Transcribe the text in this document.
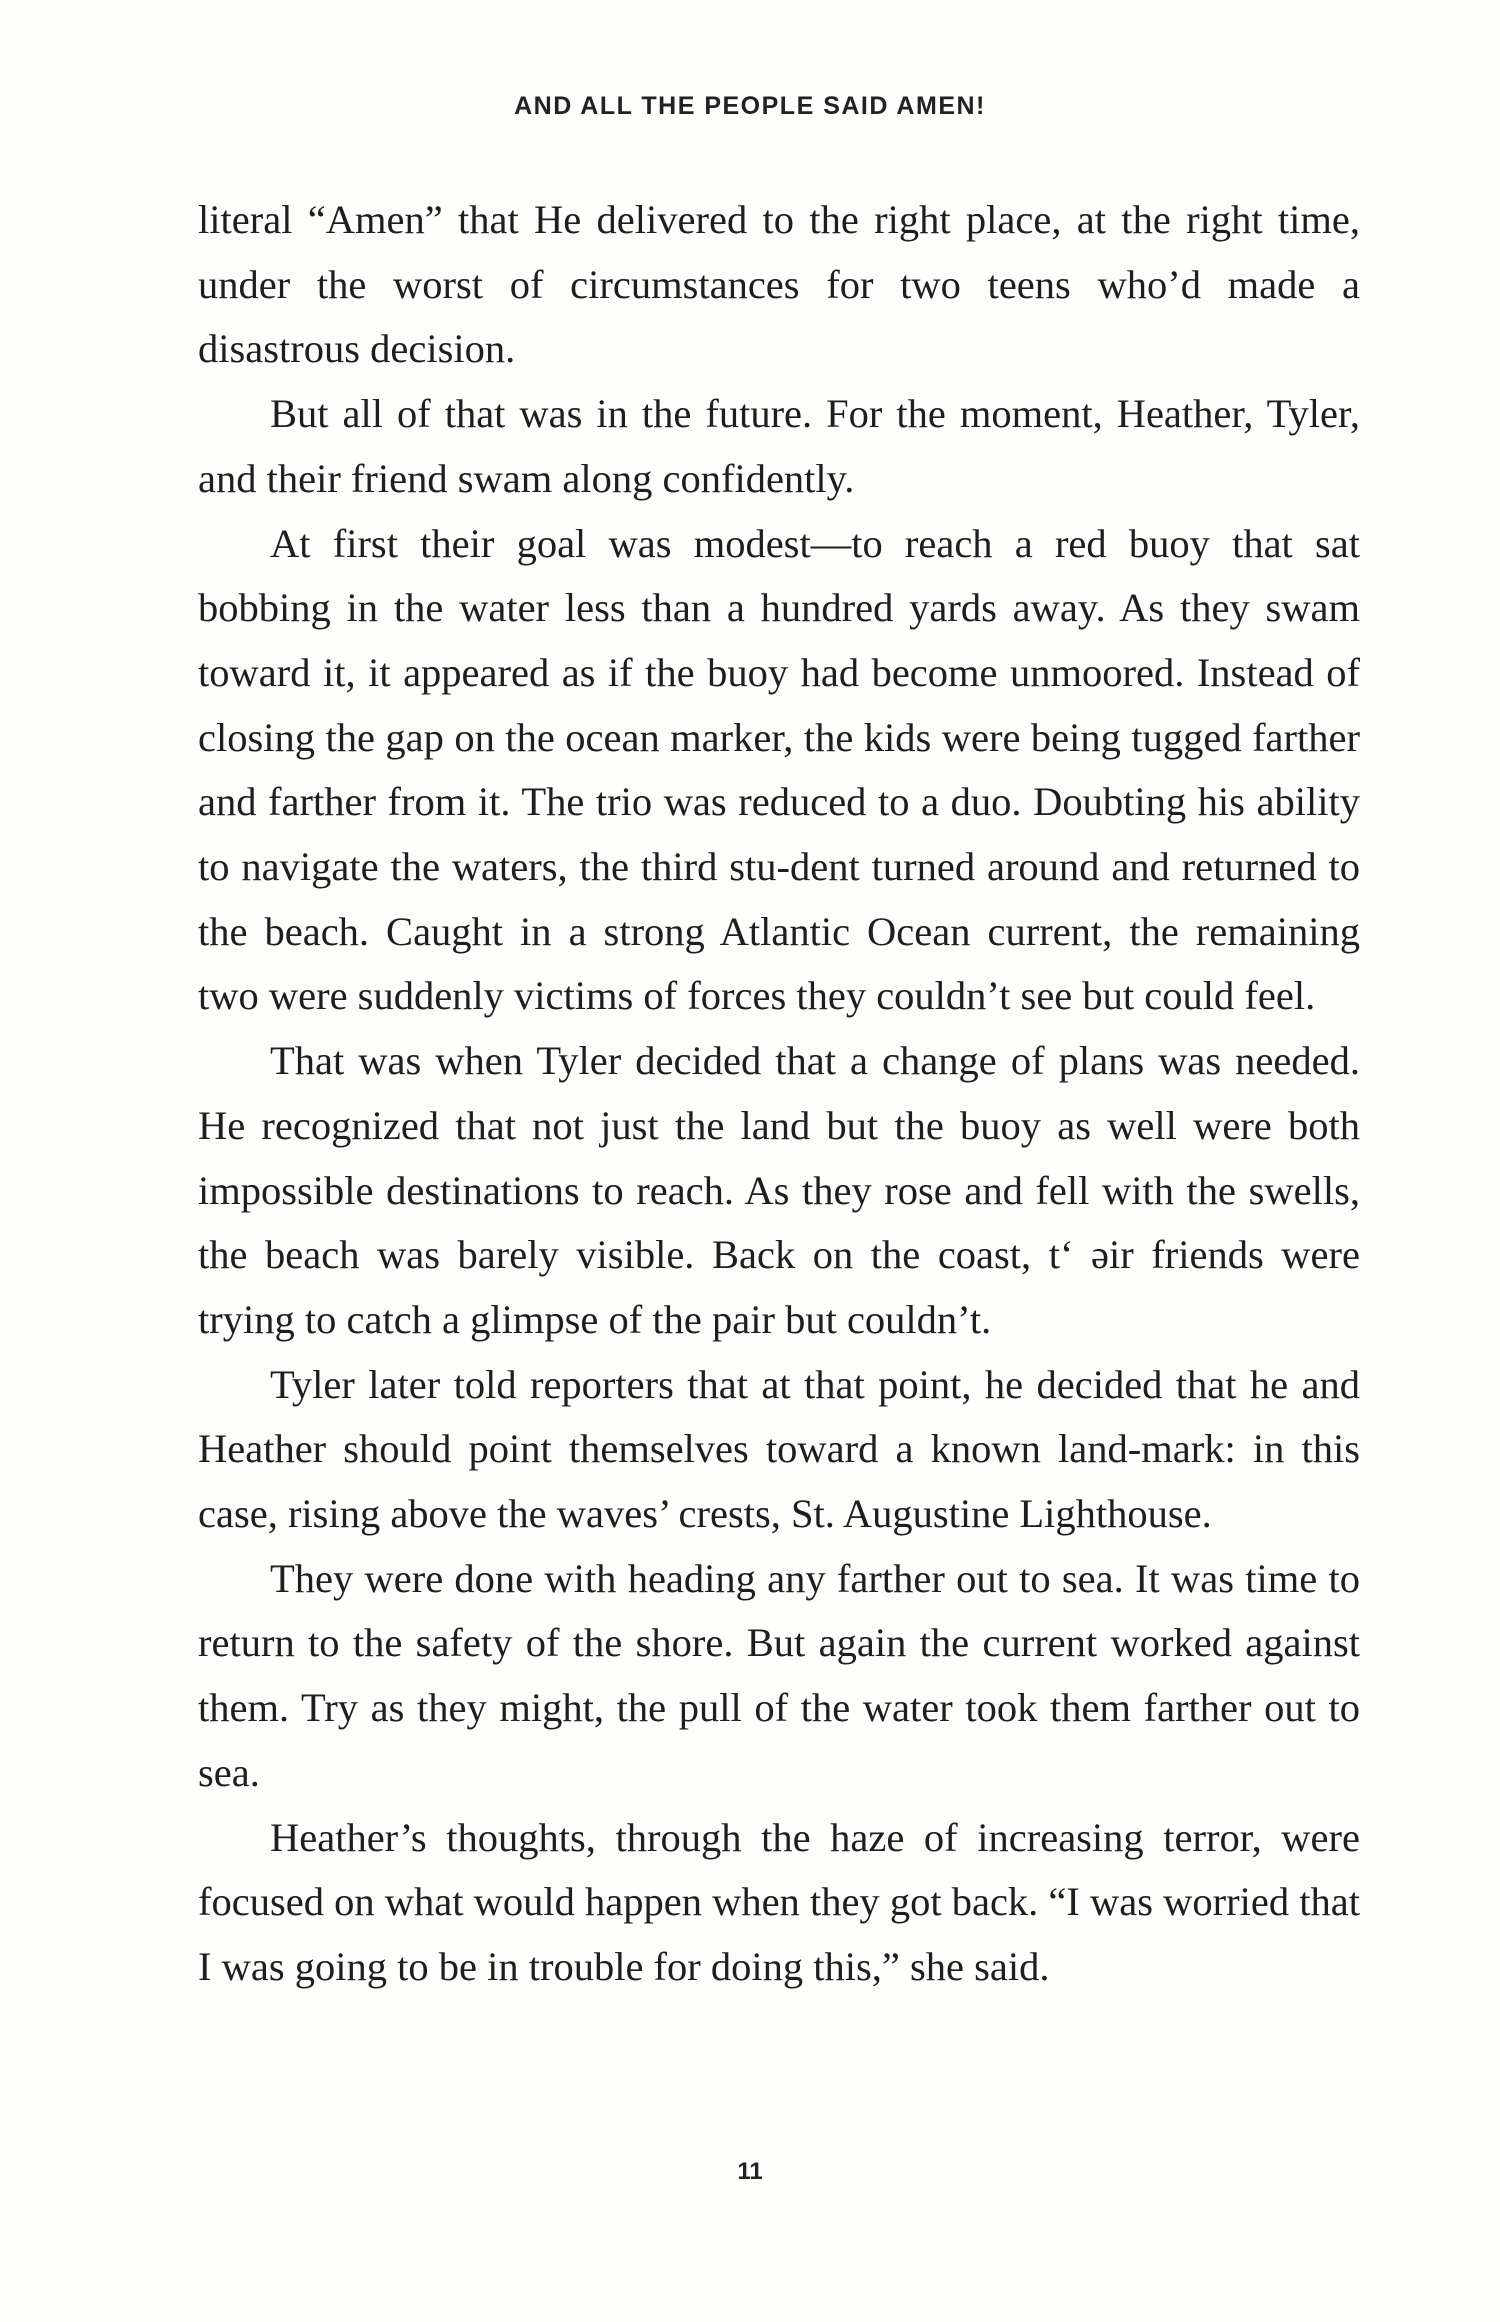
AND ALL THE PEOPLE SAID AMEN!

literal “Amen” that He delivered to the right place, at the right time, under the worst of circumstances for two teens who’d made a disastrous decision.

But all of that was in the future. For the moment, Heather, Tyler, and their friend swam along confidently.

At first their goal was modest—to reach a red buoy that sat bobbing in the water less than a hundred yards away. As they swam toward it, it appeared as if the buoy had become unmoored. Instead of closing the gap on the ocean marker, the kids were being tugged farther and farther from it. The trio was reduced to a duo. Doubting his ability to navigate the waters, the third stu-dent turned around and returned to the beach. Caught in a strong Atlantic Ocean current, the remaining two were suddenly victims of forces they couldn’t see but could feel.

That was when Tyler decided that a change of plans was needed. He recognized that not just the land but the buoy as well were both impossible destinations to reach. As they rose and fell with the swells, the beach was barely visible. Back on the coast, tʻ əir friends were trying to catch a glimpse of the pair but couldn’t.

Tyler later told reporters that at that point, he decided that he and Heather should point themselves toward a known land-mark: in this case, rising above the waves’ crests, St. Augustine Lighthouse.

They were done with heading any farther out to sea. It was time to return to the safety of the shore. But again the current worked against them. Try as they might, the pull of the water took them farther out to sea.

Heather’s thoughts, through the haze of increasing terror, were focused on what would happen when they got back. “I was worried that I was going to be in trouble for doing this,” she said.

11
